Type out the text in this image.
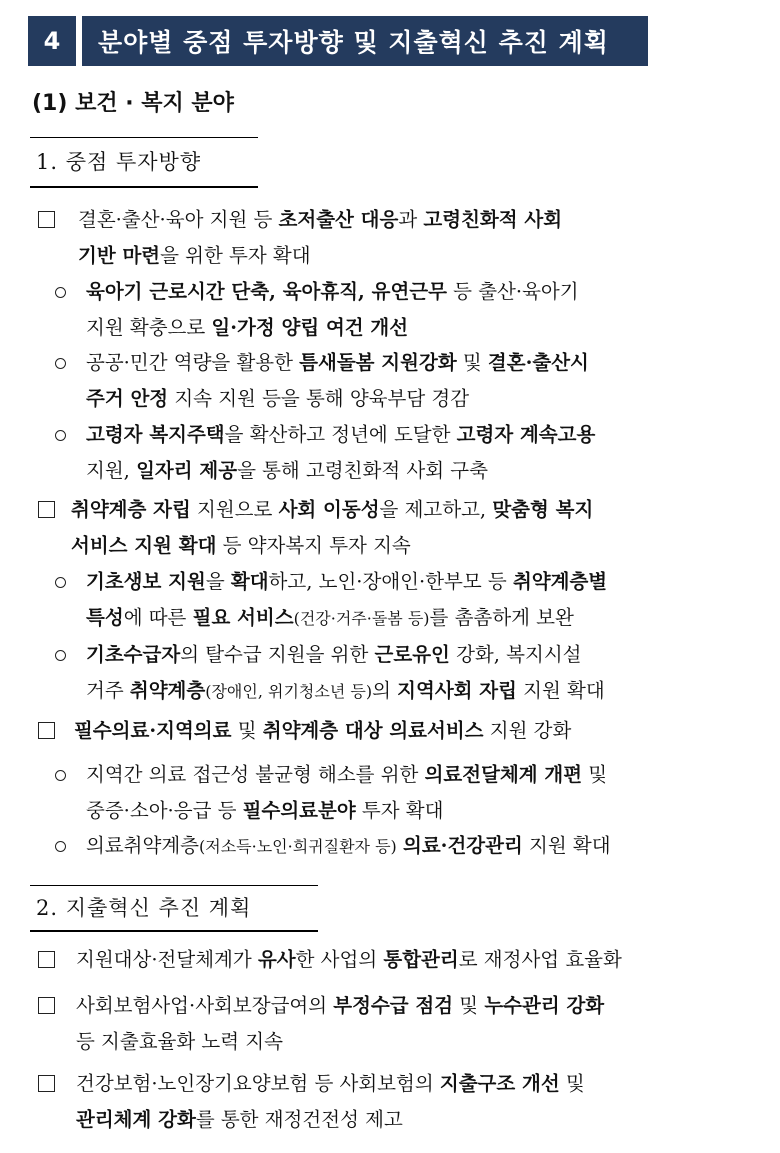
4	분야별 중점 투자방향 및 지출혁신 추진 계획
(1) 보건 · 복지 분야
1. 중점 투자방향
결혼·출산·육아 지원 등 초저출산 대응과 고령친화적 사회
기반 마련을 위한 투자 확대
육아기 근로시간 단축, 육아휴직, 유연근무 등 출산·육아기
지원 확충으로 일·가정 양립 여건 개선
공공·민간 역량을 활용한 틈새돌봄 지원강화 및 결혼·출산시
주거 안정 지속 지원 등을 통해 양육부담 경감
고령자 복지주택을 확산하고 정년에 도달한 고령자 계속고용
지원, 일자리 제공을 통해 고령친화적 사회 구축
취약계층 자립 지원으로 사회 이동성을 제고하고, 맞춤형 복지
서비스 지원 확대 등 약자복지 투자 지속
기초생보 지원을 확대하고, 노인·장애인·한부모 등 취약계층별
특성에 따른 필요 서비스(건강·거주·돌봄 등)를 촘촘하게 보완
기초수급자의 탈수급 지원을 위한 근로유인 강화, 복지시설
거주 취약계층(장애인, 위기청소년 등)의 지역사회 자립 지원 확대
필수의료·지역의료 및 취약계층 대상 의료서비스 지원 강화
지역간 의료 접근성 불균형 해소를 위한 의료전달체계 개편 및
중증·소아·응급 등 필수의료분야 투자 확대
의료취약계층(저소득·노인·희귀질환자 등) 의료·건강관리 지원 확대
2. 지출혁신 추진 계획
지원대상·전달체계가 유사한 사업의 통합관리로 재정사업 효율화
사회보험사업·사회보장급여의 부정수급 점검 및 누수관리 강화
등 지출효율화 노력 지속
건강보험·노인장기요양보험 등 사회보험의 지출구조 개선 및
관리체계 강화를 통한 재정건전성 제고
